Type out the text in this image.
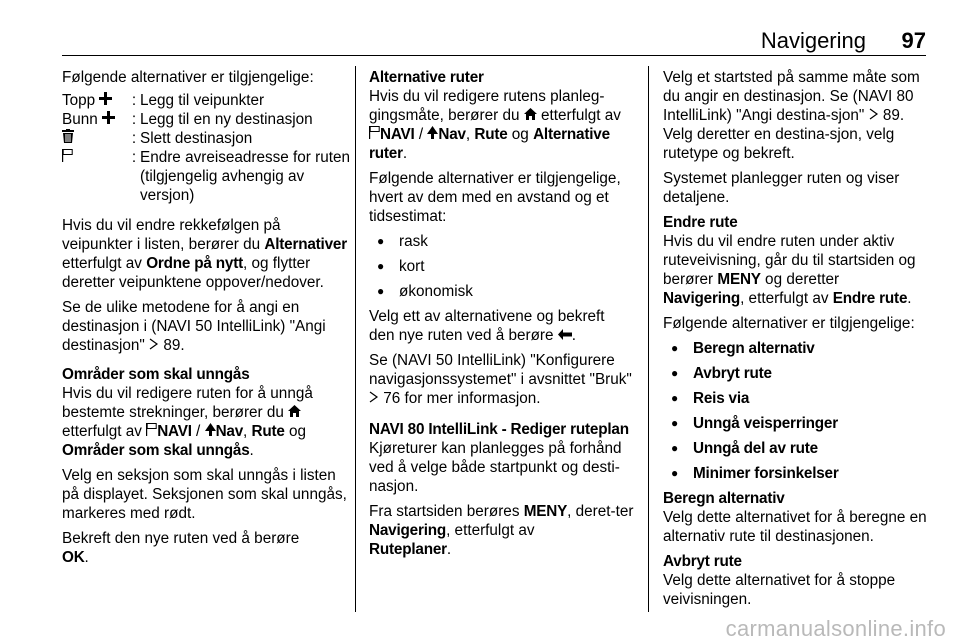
Navigering 97

Følgende alternativer er tilgjengelige:

Topp	: Legg til veipunkter
Bunn	: Legg til en ny destinasjon
: Slett destinasjon
: Endre avreiseadresse for ruten (tilgjengelig avhengig av versjon)

Hvis du vil endre rekkefølgen på veipunkter i listen, berører du Alternativer etterfulgt av Ordne på nytt, og flytter deretter veipunktene oppover/nedover.

Se de ulike metodene for å angi en destinasjon i (NAVI 50 IntelliLink) "Angi destinasjon"  89.

Områder som skal unngås
Hvis du vil redigere ruten for å unngå bestemte strekninger, berører du
etterfulgt av NAVI / Nav, Rute og
Områder som skal unngås.

Velg en seksjon som skal unngås i listen på displayet. Seksjonen som skal unngås, markeres med rødt.

Bekreft den nye ruten ved å berøre
OK.

Alternative ruter
Hvis du vil redigere rutens planleg-gingsmåte, berører du  etterfulgt av
NAVI / Nav, Rute og Alternative ruter.

Følgende alternativer er tilgjengelige, hvert av dem med en avstand og et tidsestimat:

● rask
● kort
● økonomisk

Velg ett av alternativene og bekreft den nye ruten ved å berøre .

Se (NAVI 50 IntelliLink) "Konfigurere navigasjonssystemet" i avsnittet "Bruk"  76 for mer informasjon.

NAVI 80 IntelliLink - Rediger ruteplan
Kjøreturer kan planlegges på forhånd ved å velge både startpunkt og desti-nasjon.

Fra startsiden berøres MENY, deret-ter Navigering, etterfulgt av
Ruteplaner.

Velg et startsted på samme måte som du angir en destinasjon. Se (NAVI 80 IntelliLink) "Angi destina-sjon"  89. Velg deretter en destina-sjon, velg rutetype og bekreft.

Systemet planlegger ruten og viser detaljene.

Endre rute
Hvis du vil endre ruten under aktiv ruteveivisning, går du til startsiden og berører MENY og deretter
Navigering, etterfulgt av Endre rute.

Følgende alternativer er tilgjengelige:

● Beregn alternativ
● Avbryt rute
● Reis via
● Unngå veisperringer
● Unngå del av rute
● Minimer forsinkelser

Beregn alternativ
Velg dette alternativet for å beregne en alternativ rute til destinasjonen.

Avbryt rute
Velg dette alternativet for å stoppe veivisningen.

carmanualsonline.info
